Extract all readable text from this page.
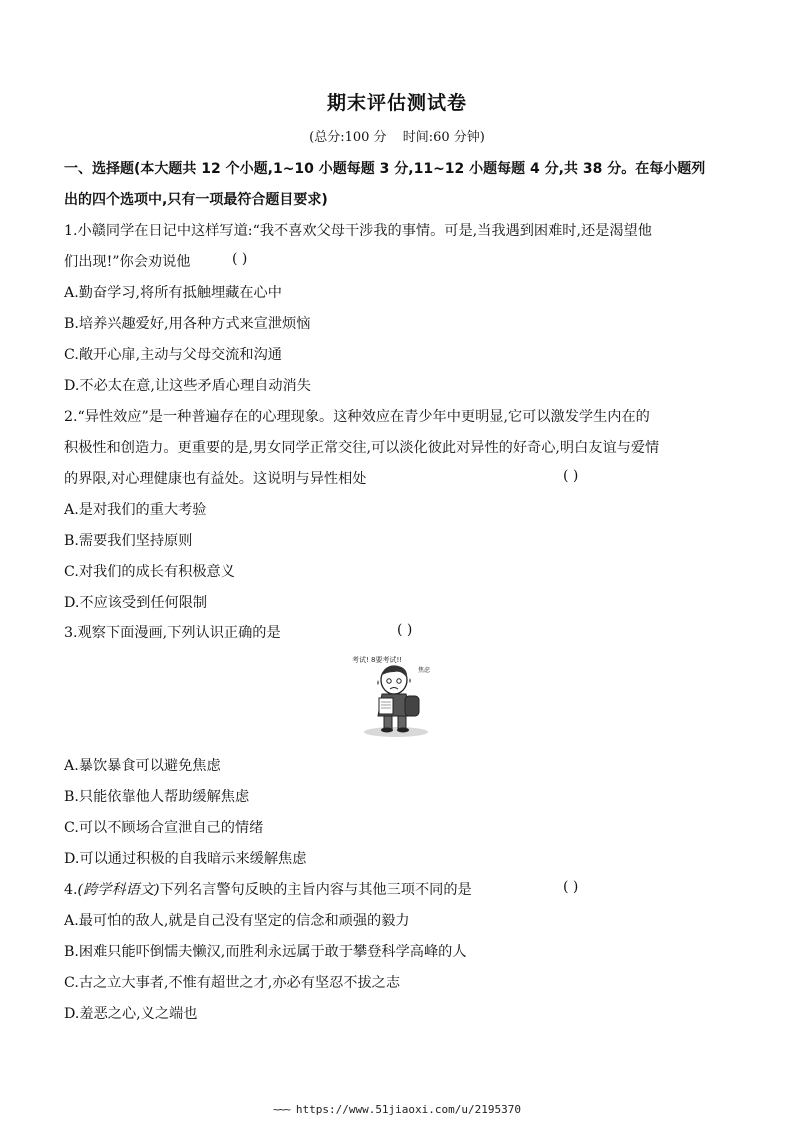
期末评估测试卷
(总分:100 分 时间:60 分钟)
一、选择题(本大题共 12 个小题,1~10 小题每题 3 分,11~12 小题每题 4 分,共 38 分。在每小题列
出的四个选项中,只有一项最符合题目要求)
1.小赣同学在日记中这样写道:“我不喜欢父母干涉我的事情。可是,当我遇到困难时,还是渴望他
们出现!”你会劝说他	( )
A.勤奋学习,将所有抵触埋藏在心中
B.培养兴趣爱好,用各种方式来宣泄烦恼
C.敞开心扉,主动与父母交流和沟通
D.不必太在意,让这些矛盾心理自动消失
2.“异性效应”是一种普遍存在的心理现象。这种效应在青少年中更明显,它可以激发学生内在的
积极性和创造力。更重要的是,男女同学正常交往,可以淡化彼此对异性的好奇心,明白友谊与爱情
的界限,对心理健康也有益处。这说明与异性相处	( )
A.是对我们的重大考验
B.需要我们坚持原则
C.对我们的成长有积极意义
D.不应该受到任何限制
3.观察下面漫画,下列认识正确的是	( )
考试! 8要考试!!
焦虑
A.暴饮暴食可以避免焦虑
B.只能依靠他人帮助缓解焦虑
C.可以不顾场合宣泄自己的情绪
D.可以通过积极的自我暗示来缓解焦虑
4.(跨学科语文)下列名言警句反映的主旨内容与其他三项不同的是	( )
A.最可怕的敌人,就是自己没有坚定的信念和顽强的毅力
B.困难只能吓倒懦夫懒汉,而胜利永远属于敢于攀登科学高峰的人
C.古之立大事者,不惟有超世之才,亦必有坚忍不拔之志
D.羞恶之心,义之端也
~~~ https://www.51jiaoxi.com/u/2195370
